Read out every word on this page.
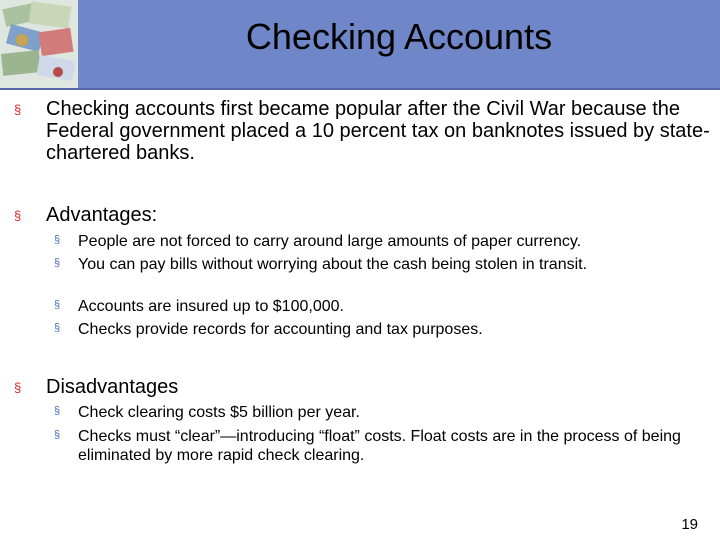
Checking Accounts
§ Checking accounts first became popular after the Civil War because the Federal government placed a 10 percent tax on banknotes issued by state-chartered banks.
§ Advantages:
§ People are not forced to carry around large amounts of paper currency.
§ You can pay bills without worrying about the cash being stolen in transit.
§ Accounts are insured up to $100,000.
§ Checks provide records for accounting and tax purposes.
§ Disadvantages
§ Check clearing costs $5 billion per year.
§ Checks must “clear”—introducing “float” costs. Float costs are in the process of being eliminated by more rapid check clearing.
19
